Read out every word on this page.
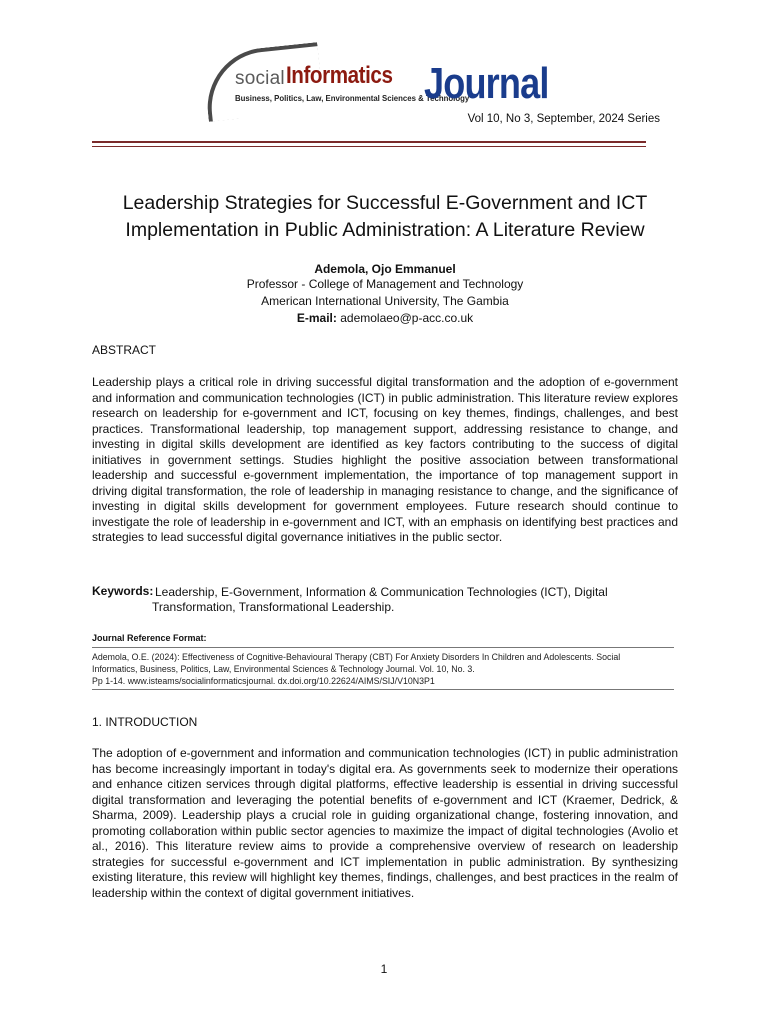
social Informatics
Business, Politics, Law, Environmental Sciences & Technology
Journal
Vol 10, No 3, September, 2024 Series
Leadership Strategies for Successful E-Government and ICT
Implementation in Public Administration: A Literature Review
Ademola, Ojo Emmanuel
Professor - College of Management and Technology
American International University, The Gambia
E-mail: ademolaeo@p-acc.co.uk
ABSTRACT

Leadership plays a critical role in driving successful digital transformation and the adoption of e-government and information and communication technologies (ICT) in public administration. This literature review explores research on leadership for e-government and ICT, focusing on key themes, findings, challenges, and best practices. Transformational leadership, top management support, addressing resistance to change, and investing in digital skills development are identified as key factors contributing to the success of digital initiatives in government settings. Studies highlight the positive association between transformational leadership and successful e-government implementation, the importance of top management support in driving digital transformation, the role of leadership in managing resistance to change, and the significance of investing in digital skills development for government employees. Future research should continue to investigate the role of leadership in e-government and ICT, with an emphasis on identifying best practices and strategies to lead successful digital governance initiatives in the public sector.

Keywords: Leadership, E-Government, Information & Communication Technologies (ICT), Digital
Transformation, Transformational Leadership.
Journal Reference Format:
Ademola, O.E. (2024): Effectiveness of Cognitive-Behavioural Therapy (CBT) For Anxiety Disorders In Children and Adolescents. Social
Informatics, Business, Politics, Law, Environmental Sciences & Technology Journal. Vol. 10, No. 3.
Pp 1-14. www.isteams/socialinformaticsjournal. dx.doi.org/10.22624/AIMS/SIJ/V10N3P1
1. INTRODUCTION

The adoption of e-government and information and communication technologies (ICT) in public administration has become increasingly important in today's digital era. As governments seek to modernize their operations and enhance citizen services through digital platforms, effective leadership is essential in driving successful digital transformation and leveraging the potential benefits of e-government and ICT (Kraemer, Dedrick, & Sharma, 2009). Leadership plays a crucial role in guiding organizational change, fostering innovation, and promoting collaboration within public sector agencies to maximize the impact of digital technologies (Avolio et al., 2016). This literature review aims to provide a comprehensive overview of research on leadership strategies for successful e-government and ICT implementation in public administration. By synthesizing existing literature, this review will highlight key themes, findings, challenges, and best practices in the realm of leadership within the context of digital government initiatives.

1
